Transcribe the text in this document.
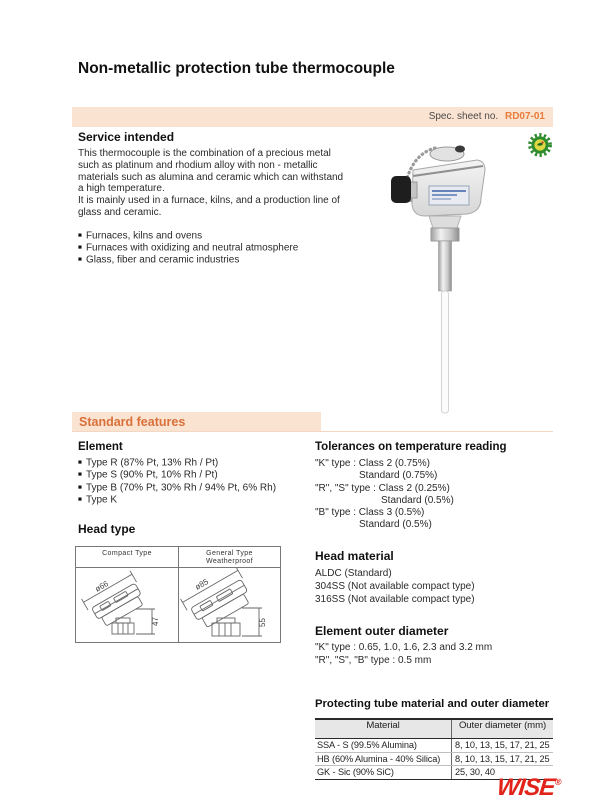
Non-metallic protection tube thermocouple
Spec. sheet no. RD07-01
Service intended

This thermocouple is the combination of a precious metal such as platinum and rhodium alloy with non - metallic materials such as alumina and ceramic which can withstand a high temperature.

It is mainly used in a furnace, kilns, and a production line of glass and ceramic.

■ Furnaces, kilns and ovens
■ Furnaces with oxidizing and neutral atmosphere
■ Glass, fiber and ceramic industries
Standard features
Element
■ Type R (87% Pt, 13% Rh / Pt)
■ Type S (90% Pt, 10% Rh / Pt)
■ Type B (70% Pt, 30% Rh / 94% Pt, 6% Rh)
■ Type K
Head type
Compact Type	General Type
Weatherproof
ø66
47
ø85
55
Tolerances on temperature reading
"K" type : Class 2 (0.75%)
Standard (0.75%)
"R", "S" type : Class 2 (0.25%)
Standard (0.5%)
"B" type : Class 3 (0.5%)
Standard (0.5%)
Head material
ALDC (Standard)
304SS (Not available compact type)
316SS (Not available compact type)
Element outer diameter
"K" type : 0.65, 1.0, 1.6, 2.3 and 3.2 mm
"R", "S", "B" type : 0.5 mm
Protecting tube material and outer diameter
Material	Outer diameter (mm)
SSA - S (99.5% Alumina)	8, 10, 13, 15, 17, 21, 25
HB (60% Alumina - 40% Silica)	8, 10, 13, 15, 17, 21, 25
GK - Sic (90% SiC)	25, 30, 40
WISE®
